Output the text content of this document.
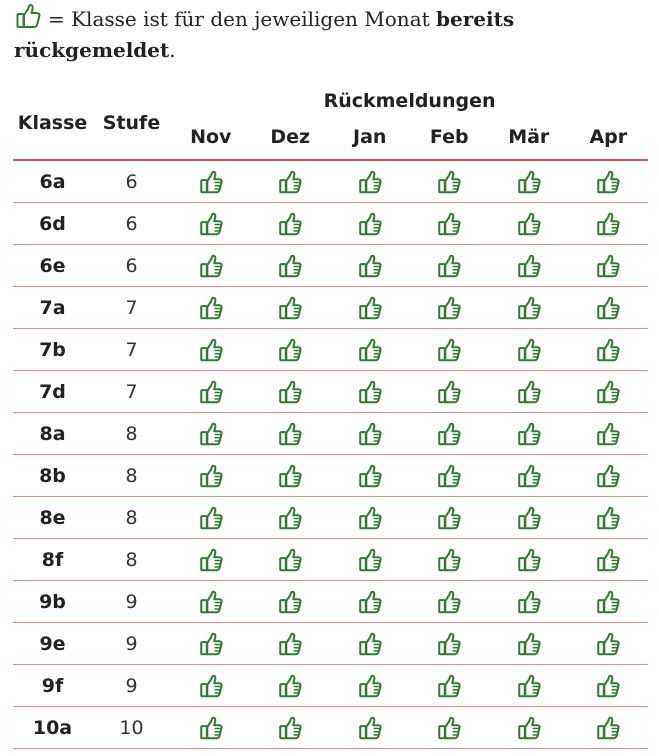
= Klasse ist für den jeweiligen Monat bereits rückgemeldet.

Klasse	Stufe	Rückmeldungen					
		Nov	Dez	Jan	Feb	Mär	Apr
6a	6						
6d	6						
6e	6						
7a	7						
7b	7						
7d	7						
8a	8						
8b	8						
8e	8						
8f	8						
9b	9						
9e	9						
9f	9						
10a	10						
